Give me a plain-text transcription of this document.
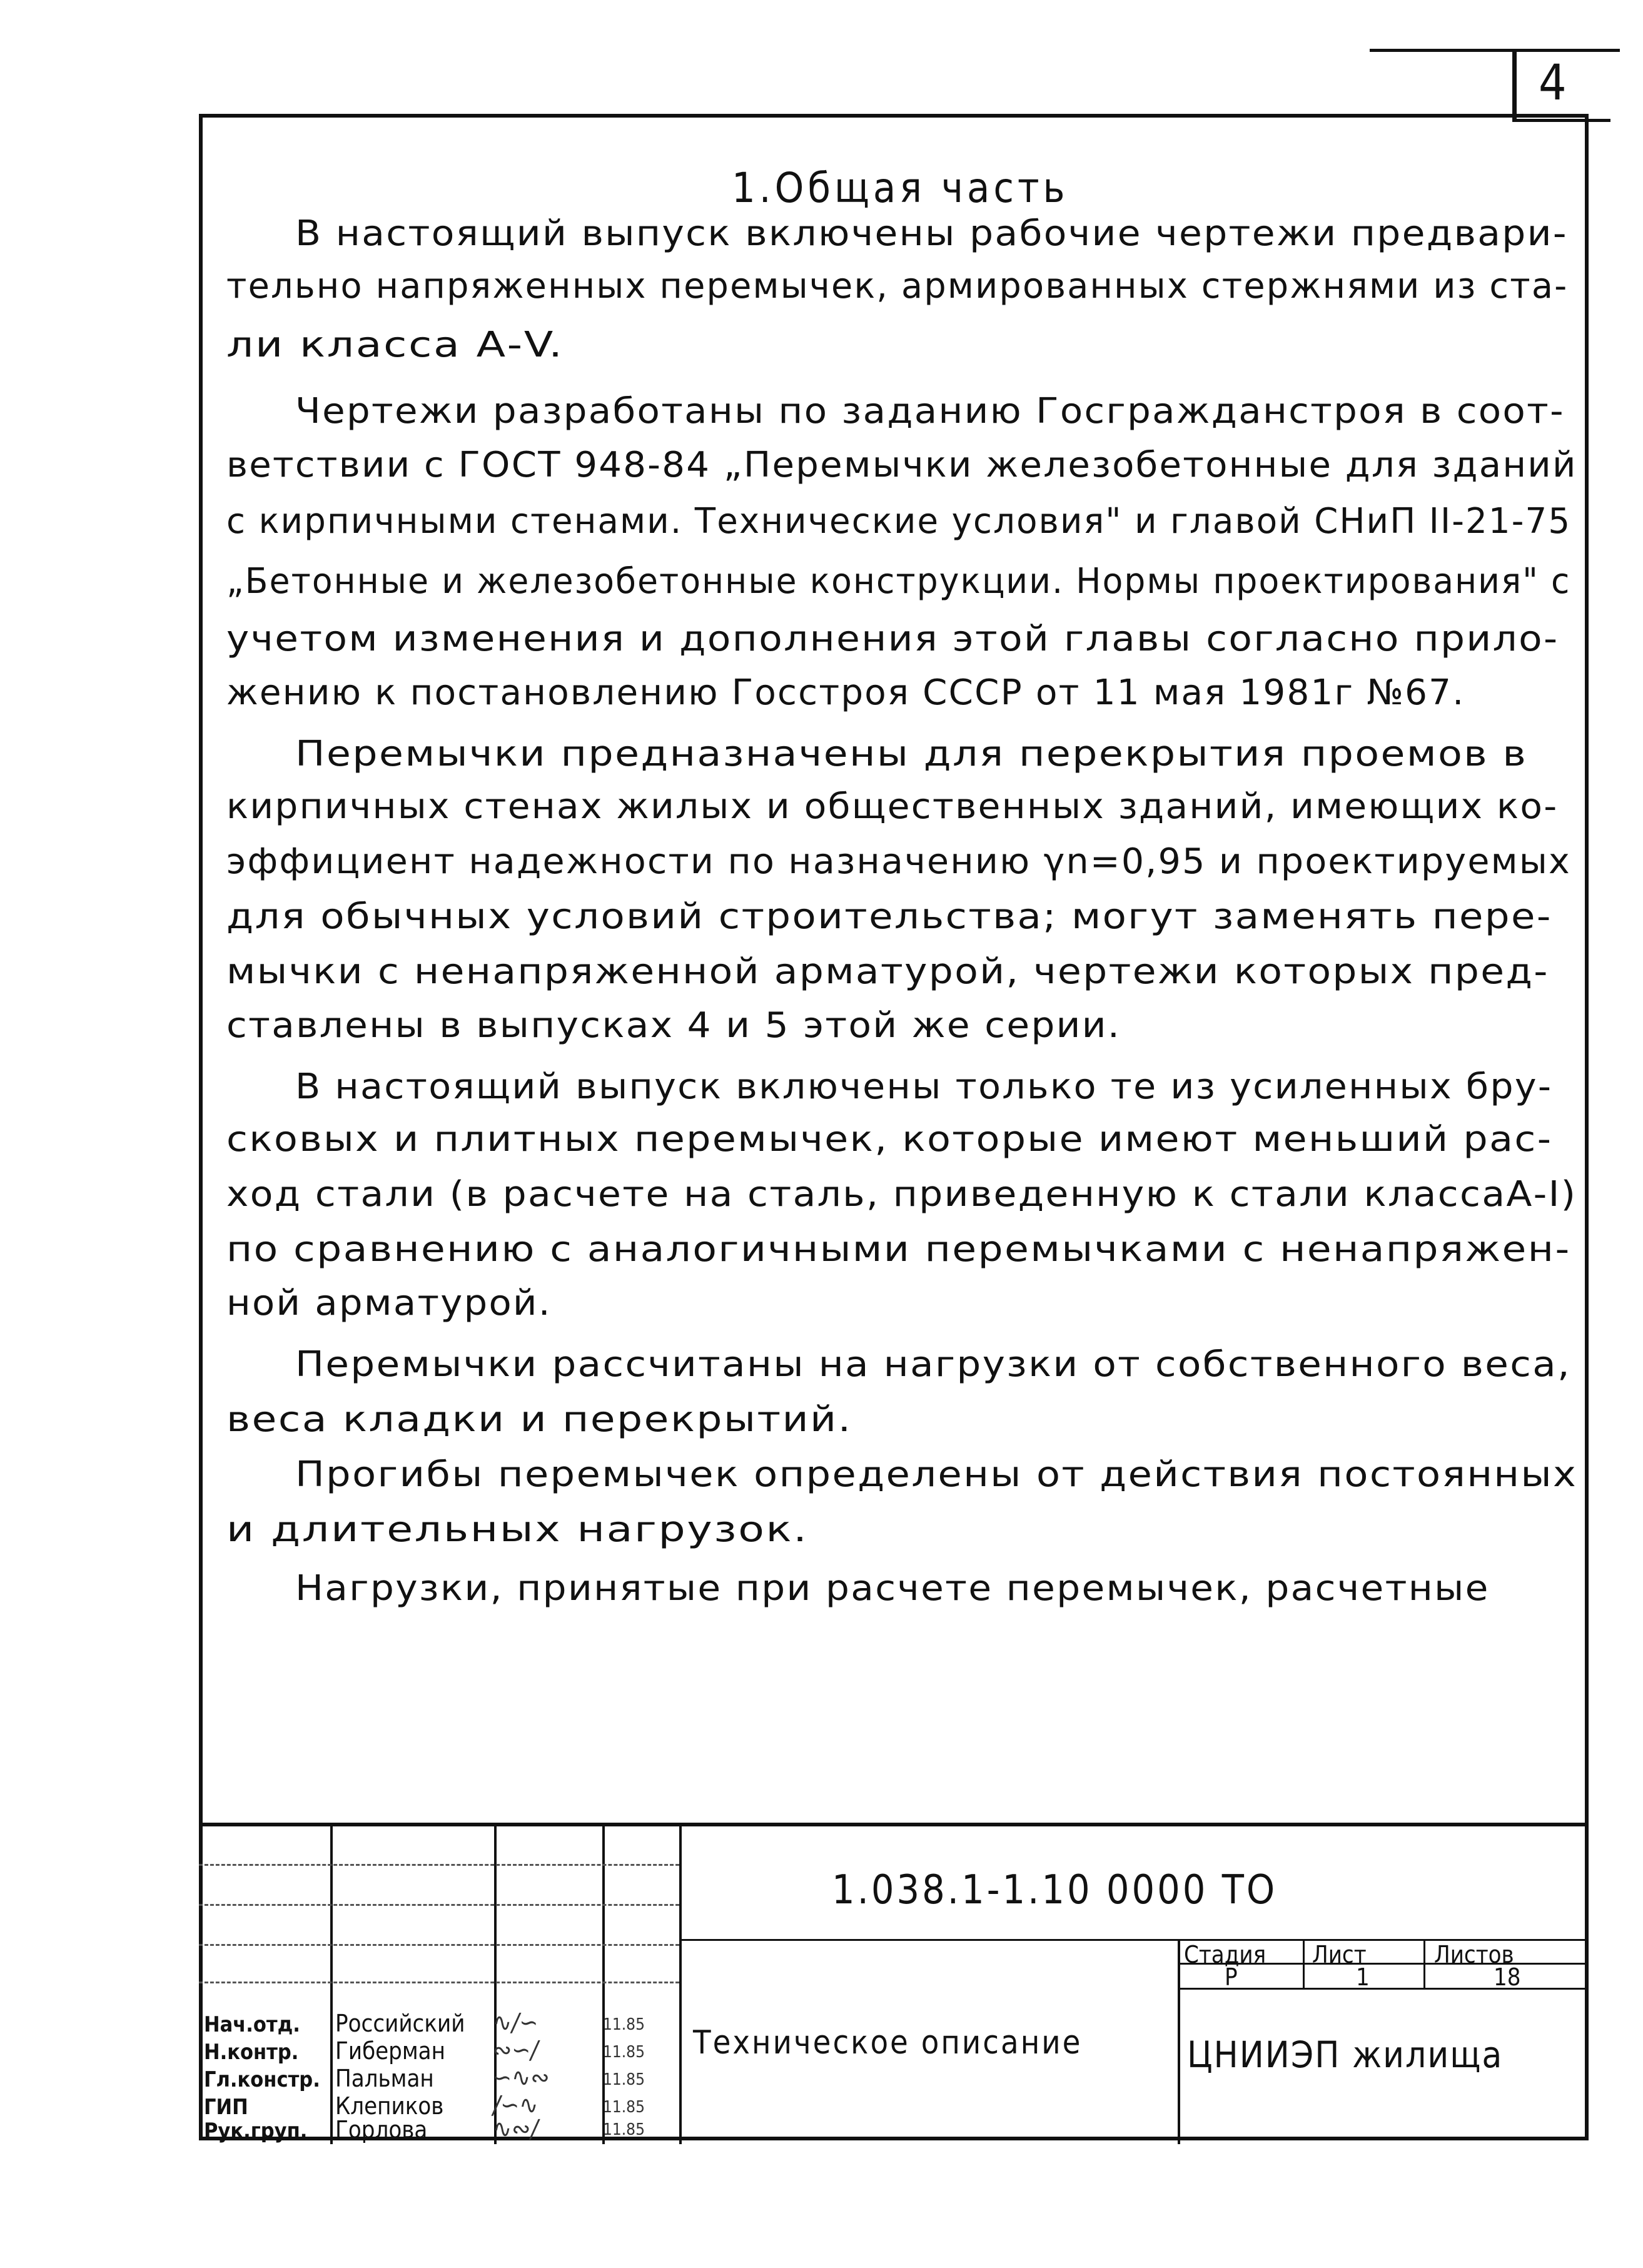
4
1.Общая часть
В настоящий выпуск включены рабочие чертежи предвари-
тельно напряженных перемычек, армированных стержнями из ста-
ли класса А-V.
Чертежи разработаны по заданию Госгражданстроя в соот-
ветствии с ГОСТ 948-84 „Перемычки железобетонные для зданий
с кирпичными стенами. Технические условия" и главой СНиП II-21-75
„Бетонные и железобетонные конструкции. Нормы проектирования" с
учетом изменения и дополнения этой главы согласно прило-
жению к постановлению Госстроя СССР от 11 мая 1981г №67.
Перемычки предназначены для перекрытия проемов в
кирпичных стенах жилых и общественных зданий, имеющих ко-
эффициент надежности по назначению γn=0,95 и проектируемых
для обычных условий строительства; могут заменять пере-
мычки с ненапряженной арматурой, чертежи которых пред-
ставлены в выпусках 4 и 5 этой же серии.
В настоящий выпуск включены только те из усиленных бру-
сковых и плитных перемычек, которые имеют меньший рас-
ход стали (в расчете на сталь, приведенную к стали классаА-I)
по сравнению с аналогичными перемычками с ненапряжен-
ной арматурой.
Перемычки рассчитаны на нагрузки от собственного веса,
веса кладки и перекрытий.
Прогибы перемычек определены от действия постоянных
и длительных нагрузок.
Нагрузки, принятые при расчете перемычек, расчетные
1.038.1-1.10 0000 ТО
Техническое описание
Стадия Лист	Листов
Р	1	18
ЦНИИЭП жилища
Нач.отд. Российский ∿∕∽	11.85
Н.контр. Гиберман ∾∽∕	11.85
Гл.констр. Пальман ∽∿∾	11.85
ГИП	Клепиков ∕∽∿	11.85
Рук.груп. Горлова	∿∾∕	11.85
